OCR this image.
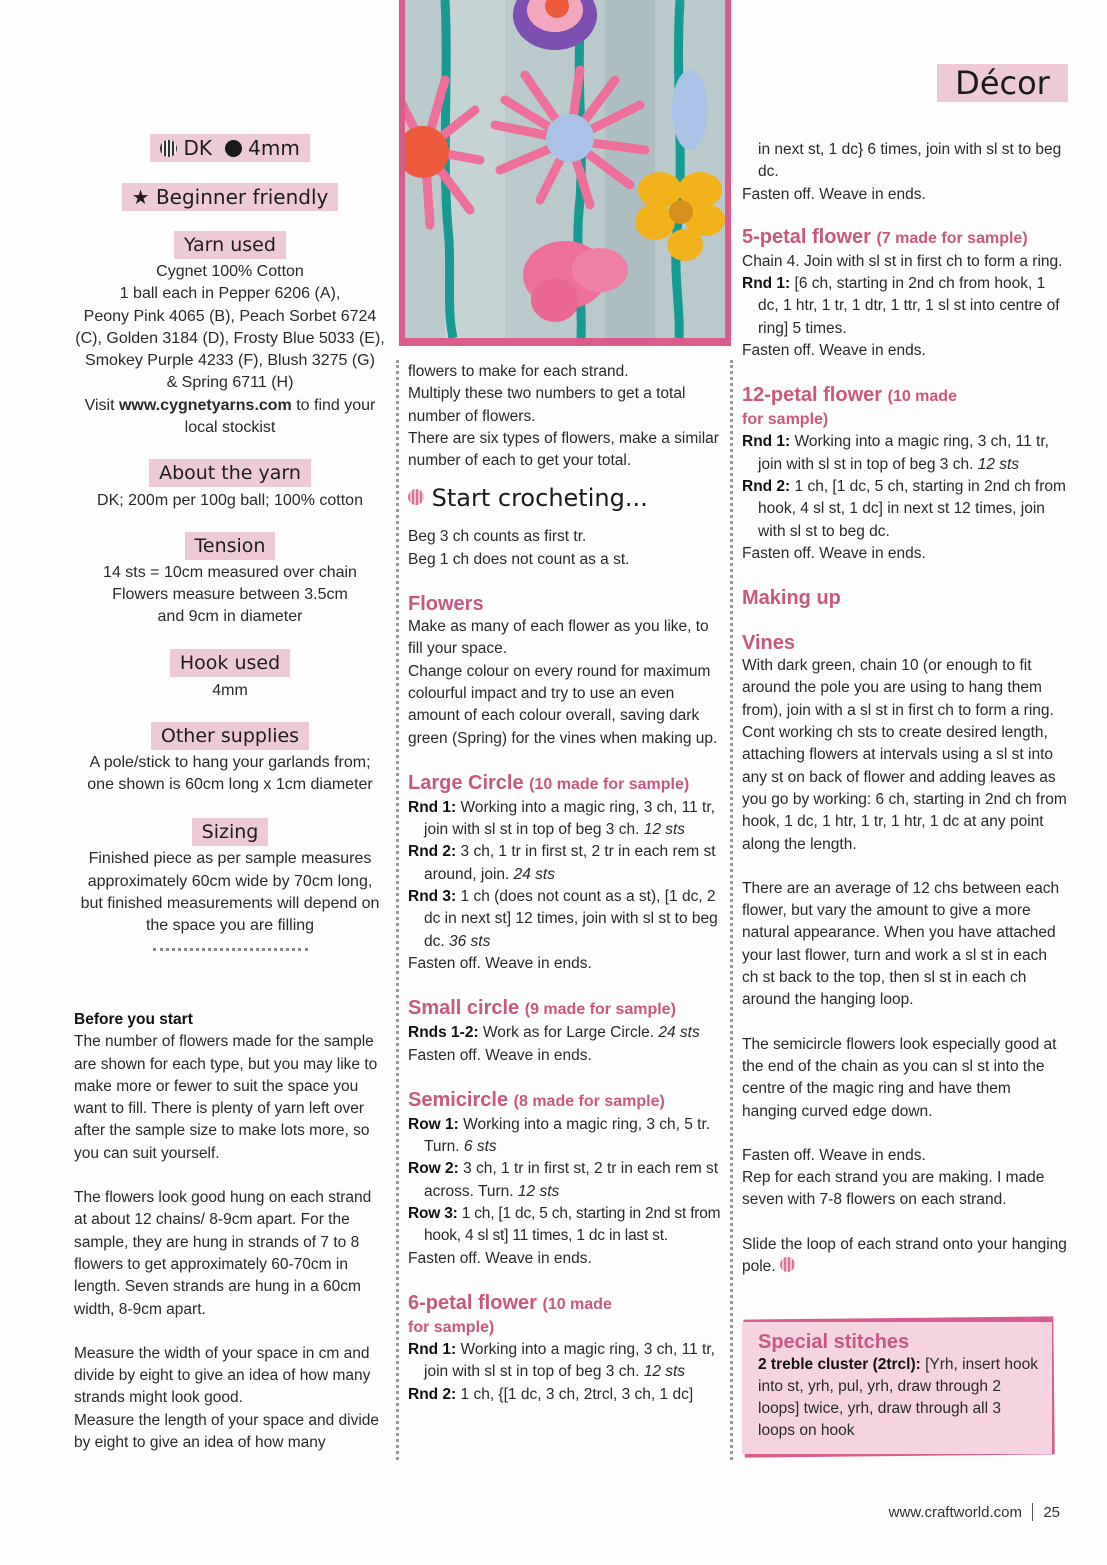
Décor
DK 4mm
★ Beginner friendly
Yarn used
Cygnet 100% Cotton
1 ball each in Pepper 6206 (A),
Peony Pink 4065 (B), Peach Sorbet 6724
(C), Golden 3184 (D), Frosty Blue 5033 (E),
Smokey Purple 4233 (F), Blush 3275 (G)
& Spring 6711 (H)
Visit www.cygnetyarns.com to find your
local stockist
About the yarn
DK; 200m per 100g ball; 100% cotton
Tension
14 sts = 10cm measured over chain
Flowers measure between 3.5cm
and 9cm in diameter
Hook used
4mm
Other supplies
A pole/stick to hang your garlands from;
one shown is 60cm long x 1cm diameter
Sizing
Finished piece as per sample measures
approximately 60cm wide by 70cm long,
but finished measurements will depend on
the space you are filling
Before you start
The number of flowers made for the sample are shown for each type, but you may like to make more or fewer to suit the space you want to fill. There is plenty of yarn left over after the sample size to make lots more, so you can suit yourself.
The flowers look good hung on each strand at about 12 chains/ 8-9cm apart. For the sample, they are hung in strands of 7 to 8 flowers to get approximately 60-70cm in length. Seven strands are hung in a 60cm width, 8-9cm apart.
Measure the width of your space in cm and divide by eight to give an idea of how many strands might look good.
Measure the length of your space and divide by eight to give an idea of how many
flowers to make for each strand.
Multiply these two numbers to get a total number of flowers.
There are six types of flowers, make a similar number of each to get your total.
Start crocheting...
Beg 3 ch counts as first tr.
Beg 1 ch does not count as a st.
Flowers
Make as many of each flower as you like, to fill your space.
Change colour on every round for maximum colourful impact and try to use an even amount of each colour overall, saving dark green (Spring) for the vines when making up.
Large Circle (10 made for sample)
Rnd 1: Working into a magic ring, 3 ch, 11 tr, join with sl st in top of beg 3 ch. 12 sts
Rnd 2: 3 ch, 1 tr in first st, 2 tr in each rem st around, join. 24 sts
Rnd 3: 1 ch (does not count as a st), [1 dc, 2 dc in next st] 12 times, join with sl st to beg dc. 36 sts
Fasten off. Weave in ends.
Small circle (9 made for sample)
Rnds 1-2: Work as for Large Circle. 24 sts
Fasten off. Weave in ends.
Semicircle (8 made for sample)
Row 1: Working into a magic ring, 3 ch, 5 tr. Turn. 6 sts
Row 2: 3 ch, 1 tr in first st, 2 tr in each rem st across. Turn. 12 sts
Row 3: 1 ch, [1 dc, 5 ch, starting in 2nd st from hook, 4 sl st] 11 times, 1 dc in last st.
Fasten off. Weave in ends.
6-petal flower (10 made
for sample)
Rnd 1: Working into a magic ring, 3 ch, 11 tr, join with sl st in top of beg 3 ch. 12 sts
Rnd 2: 1 ch, {[1 dc, 3 ch, 2trcl, 3 ch, 1 dc]
in next st, 1 dc} 6 times, join with sl st to beg dc.
Fasten off. Weave in ends.
5-petal flower (7 made for sample)
Chain 4. Join with sl st in first ch to form a ring.
Rnd 1: [6 ch, starting in 2nd ch from hook, 1 dc, 1 htr, 1 tr, 1 dtr, 1 ttr, 1 sl st into centre of ring] 5 times.
Fasten off. Weave in ends.
12-petal flower (10 made
for sample)
Rnd 1: Working into a magic ring, 3 ch, 11 tr, join with sl st in top of beg 3 ch. 12 sts
Rnd 2: 1 ch, [1 dc, 5 ch, starting in 2nd ch from hook, 4 sl st, 1 dc] in next st 12 times, join with sl st to beg dc.
Fasten off. Weave in ends.
Making up
Vines
With dark green, chain 10 (or enough to fit around the pole you are using to hang them from), join with a sl st in first ch to form a ring. Cont working ch sts to create desired length, attaching flowers at intervals using a sl st into any st on back of flower and adding leaves as you go by working: 6 ch, starting in 2nd ch from hook, 1 dc, 1 htr, 1 tr, 1 htr, 1 dc at any point along the length.
There are an average of 12 chs between each flower, but vary the amount to give a more natural appearance. When you have attached your last flower, turn and work a sl st in each ch st back to the top, then sl st in each ch around the hanging loop.
The semicircle flowers look especially good at the end of the chain as you can sl st into the centre of the magic ring and have them hanging curved edge down.
Fasten off. Weave in ends.
Rep for each strand you are making. I made seven with 7-8 flowers on each strand.
Slide the loop of each strand onto your hanging pole.
Special stitches
2 treble cluster (2trcl): [Yrh, insert hook into st, yrh, pul, yrh, draw through 2 loops] twice, yrh, draw through all 3 loops on hook
www.craftworld.com 25
